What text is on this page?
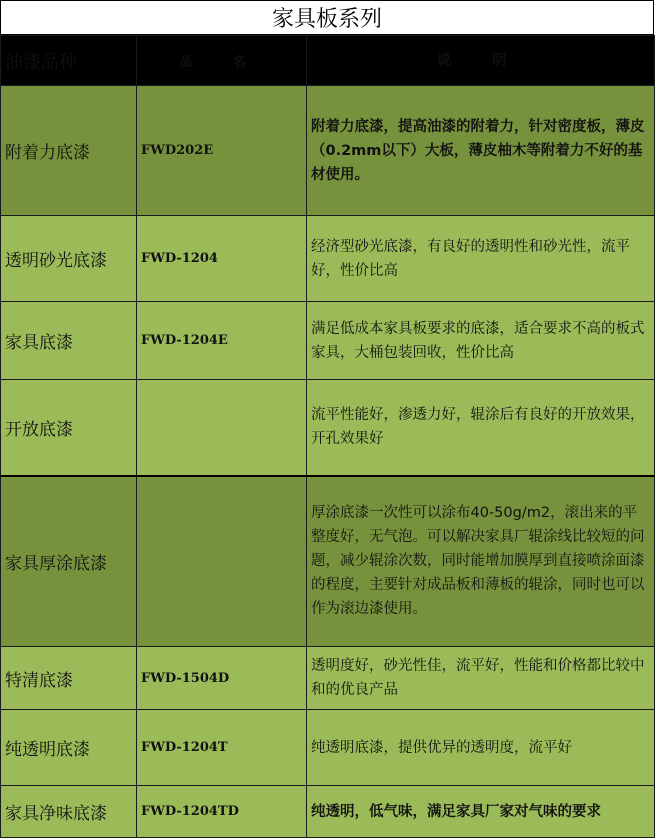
家具板系列
油漆品种	品 名	说 明
附着力底漆	FWD202E	附着力底漆，提高油漆的附着力，针对密度板，薄皮（0.2mm以下）大板，薄皮柚木等附着力不好的基材使用。
透明砂光底漆	FWD-1204	经济型砂光底漆，有良好的透明性和砂光性，流平好，性价比高
家具底漆	FWD-1204E	满足低成本家具板要求的底漆，适合要求不高的板式家具，大桶包装回收，性价比高
开放底漆		流平性能好，渗透力好，辊涂后有良好的开放效果，开孔效果好
家具厚涂底漆		厚涂底漆一次性可以涂布40-50g/m2，滚出来的平整度好，无气泡。可以解决家具厂辊涂线比较短的问题，减少辊涂次数，同时能增加膜厚到直接喷涂面漆的程度，主要针对成品板和薄板的辊涂，同时也可以作为滚边漆使用。
特清底漆	FWD-1504D	透明度好，砂光性佳，流平好，性能和价格都比较中和的优良产品
纯透明底漆	FWD-1204T	纯透明底漆，提供优异的透明度，流平好
家具净味底漆	FWD-1204TD	纯透明，低气味，满足家具厂家对气味的要求
